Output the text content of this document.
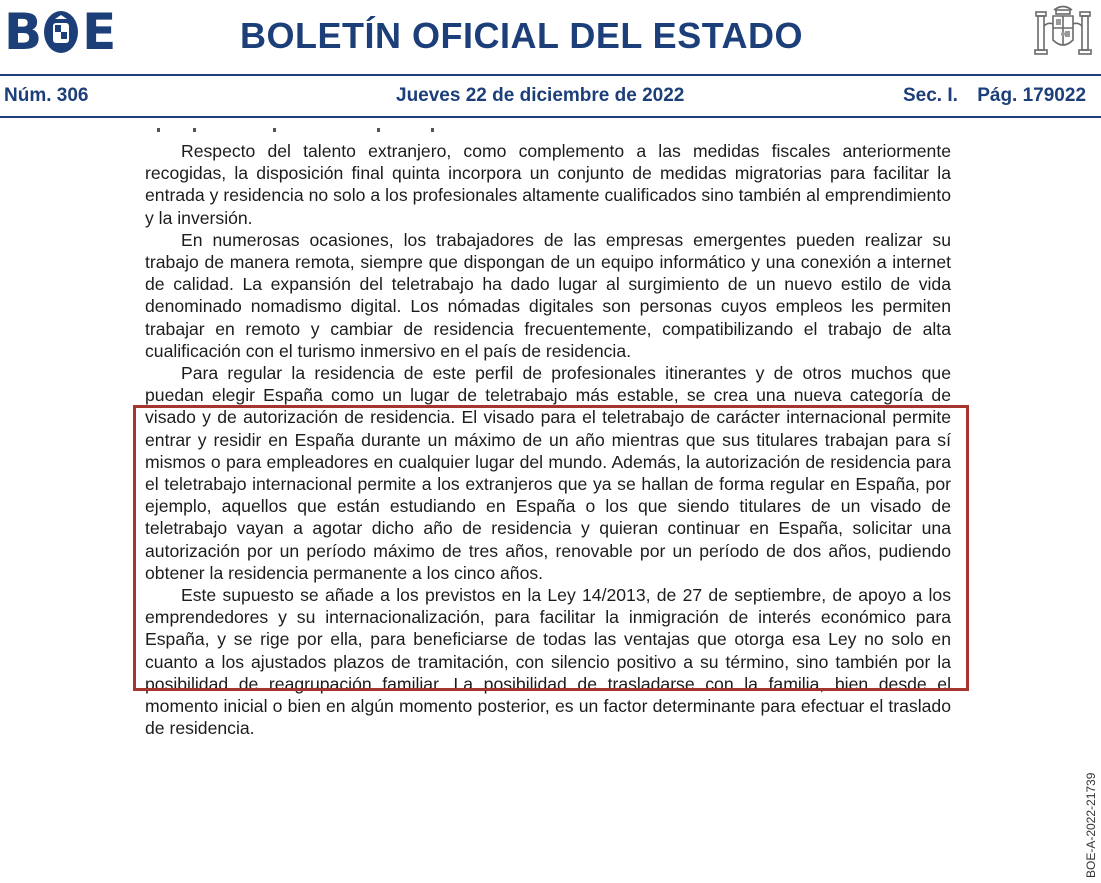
B E	BOLETÍN OFICIAL DEL ESTADO
Núm. 306	Jueves 22 de diciembre de 2022	Sec. I. Pág. 179022

Respecto del talento extranjero, como complemento a las medidas fiscales anteriormente recogidas, la disposición final quinta incorpora un conjunto de medidas migratorias para facilitar la entrada y residencia no solo a los profesionales altamente cualificados sino también al emprendimiento y la inversión.

En numerosas ocasiones, los trabajadores de las empresas emergentes pueden realizar su trabajo de manera remota, siempre que dispongan de un equipo informático y una conexión a internet de calidad. La expansión del teletrabajo ha dado lugar al surgimiento de un nuevo estilo de vida denominado nomadismo digital. Los nómadas digitales son personas cuyos empleos les permiten trabajar en remoto y cambiar de residencia frecuentemente, compatibilizando el trabajo de alta cualificación con el turismo inmersivo en el país de residencia.

Para regular la residencia de este perfil de profesionales itinerantes y de otros muchos que puedan elegir España como un lugar de teletrabajo más estable, se crea una nueva categoría de visado y de autorización de residencia. El visado para el teletrabajo de carácter internacional permite entrar y residir en España durante un máximo de un año mientras que sus titulares trabajan para sí mismos o para empleadores en cualquier lugar del mundo. Además, la autorización de residencia para el teletrabajo internacional permite a los extranjeros que ya se hallan de forma regular en España, por ejemplo, aquellos que están estudiando en España o los que siendo titulares de un visado de teletrabajo vayan a agotar dicho año de residencia y quieran continuar en España, solicitar una autorización por un período máximo de tres años, renovable por un período de dos años, pudiendo obtener la residencia permanente a los cinco años.

Este supuesto se añade a los previstos en la Ley 14/2013, de 27 de septiembre, de apoyo a los emprendedores y su internacionalización, para facilitar la inmigración de interés económico para España, y se rige por ella, para beneficiarse de todas las ventajas que otorga esa Ley no solo en cuanto a los ajustados plazos de tramitación, con silencio positivo a su término, sino también por la posibilidad de reagrupación familiar. La posibilidad de trasladarse con la familia, bien desde el momento inicial o bien en algún momento posterior, es un factor determinante para efectuar el traslado de residencia.

BOE-A-2022-21739
